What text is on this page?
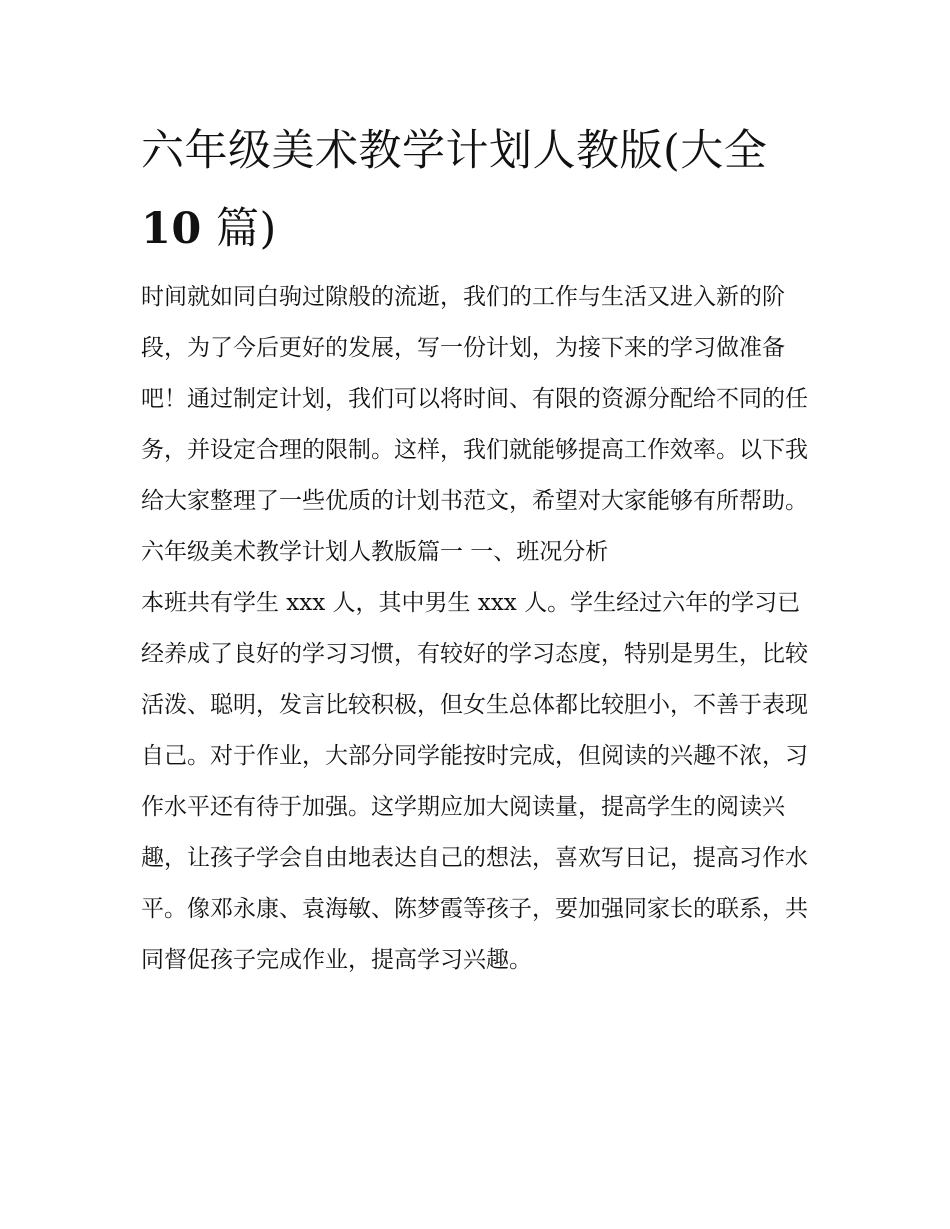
六年级美术教学计划人教版(大全10 篇)

时间就如同白驹过隙般的流逝，我们的工作与生活又进入新的阶段，为了今后更好的发展，写一份计划，为接下来的学习做准备吧！通过制定计划，我们可以将时间、有限的资源分配给不同的任务，并设定合理的限制。这样，我们就能够提高工作效率。以下我给大家整理了一些优质的计划书范文，希望对大家能够有所帮助。

六年级美术教学计划人教版篇一 一、班况分析

本班共有学生 xxx 人，其中男生 xxx 人。学生经过六年的学习已经养成了良好的学习习惯，有较好的学习态度，特别是男生，比较活泼、聪明，发言比较积极，但女生总体都比较胆小，不善于表现自己。对于作业，大部分同学能按时完成，但阅读的兴趣不浓，习作水平还有待于加强。这学期应加大阅读量，提高学生的阅读兴趣，让孩子学会自由地表达自己的想法，喜欢写日记，提高习作水平。像邓永康、袁海敏、陈梦霞等孩子，要加强同家长的联系，共同督促孩子完成作业，提高学习兴趣。
